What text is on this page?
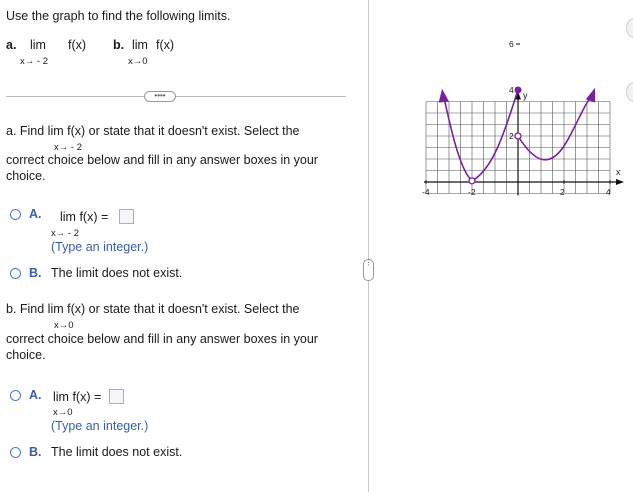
Use the graph to find the following limits.
a. lim f(x)
x→ - 2
b. lim f(x)
x→0
••••
a. Find lim f(x) or state that it doesn't exist. Select the
x→ - 2
correct choice below and fill in any answer boxes in your
choice.
A. lim f(x) =
x→ - 2
(Type an integer.)
B. The limit does not exist.
b. Find lim f(x) or state that it doesn't exist. Select the
x→0
correct choice below and fill in any answer boxes in your
choice.
A. lim f(x) =
x→0
(Type an integer.)
B. The limit does not exist.
⋮
-4	-2	2	4
6
4
2
x
y
